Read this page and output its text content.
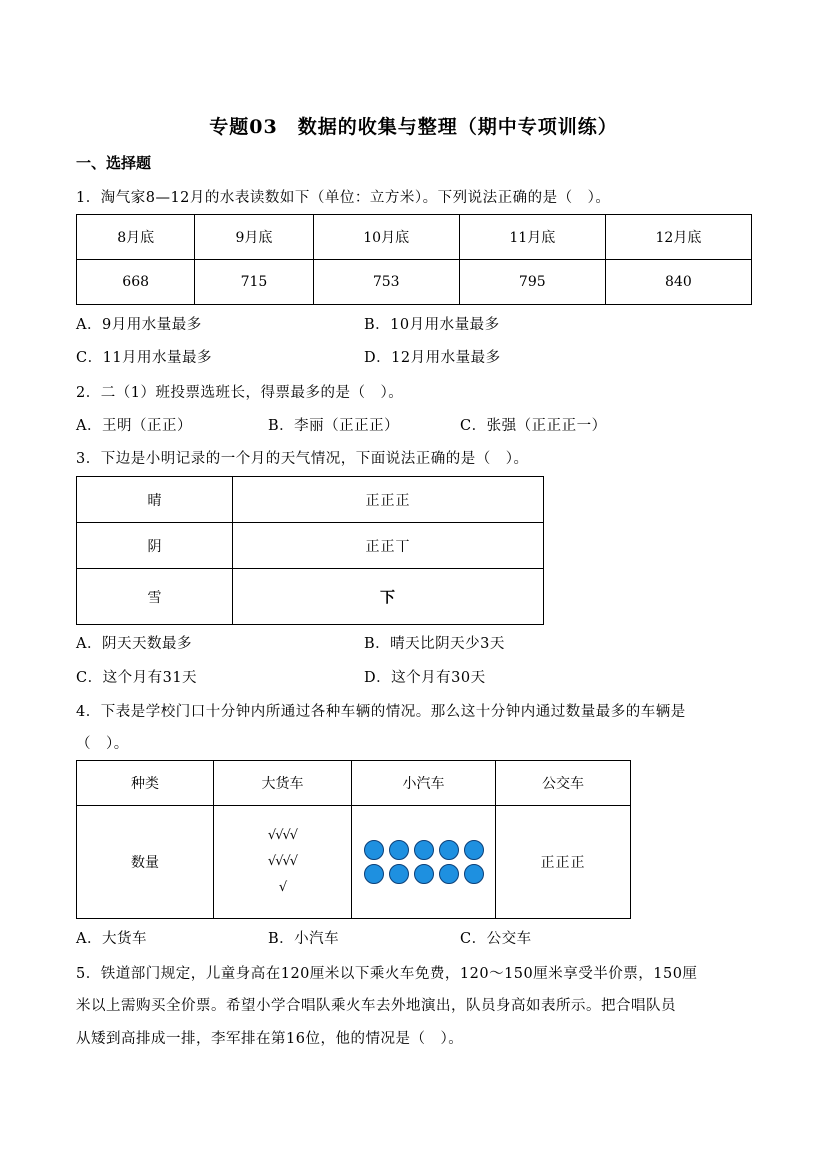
专题03　数据的收集与整理（期中专项训练）
一、选择题
1．淘气家8—12月的水表读数如下（单位：立方米）。下列说法正确的是（　）。
8月底	9月底	10月底	11月底	12月底
668	715	753	795	840
A．9月用水量最多	B．10月用水量最多
C．11月用水量最多	D．12月用水量最多
2．二（1）班投票选班长，得票最多的是（　）。
A．王明（正正）	B．李丽（正正正）	C．张强（正正正一）
3．下边是小明记录的一个月的天气情况，下面说法正确的是（　）。
晴	正正正
阴	正正丅
雪	下
A．阴天天数最多	B．晴天比阴天少3天
C．这个月有31天	D．这个月有30天
4．下表是学校门口十分钟内所通过各种车辆的情况。那么这十分钟内通过数量最多的车辆是
（　）。
种类	大货车	小汽车	公交车
数量	√√√√
√√√√
√		正正正
A．大货车	B．小汽车	C．公交车
5．铁道部门规定，儿童身高在120厘米以下乘火车免费，120～150厘米享受半价票，150厘
米以上需购买全价票。希望小学合唱队乘火车去外地演出，队员身高如表所示。把合唱队员
从矮到高排成一排，李军排在第16位，他的情况是（　）。
